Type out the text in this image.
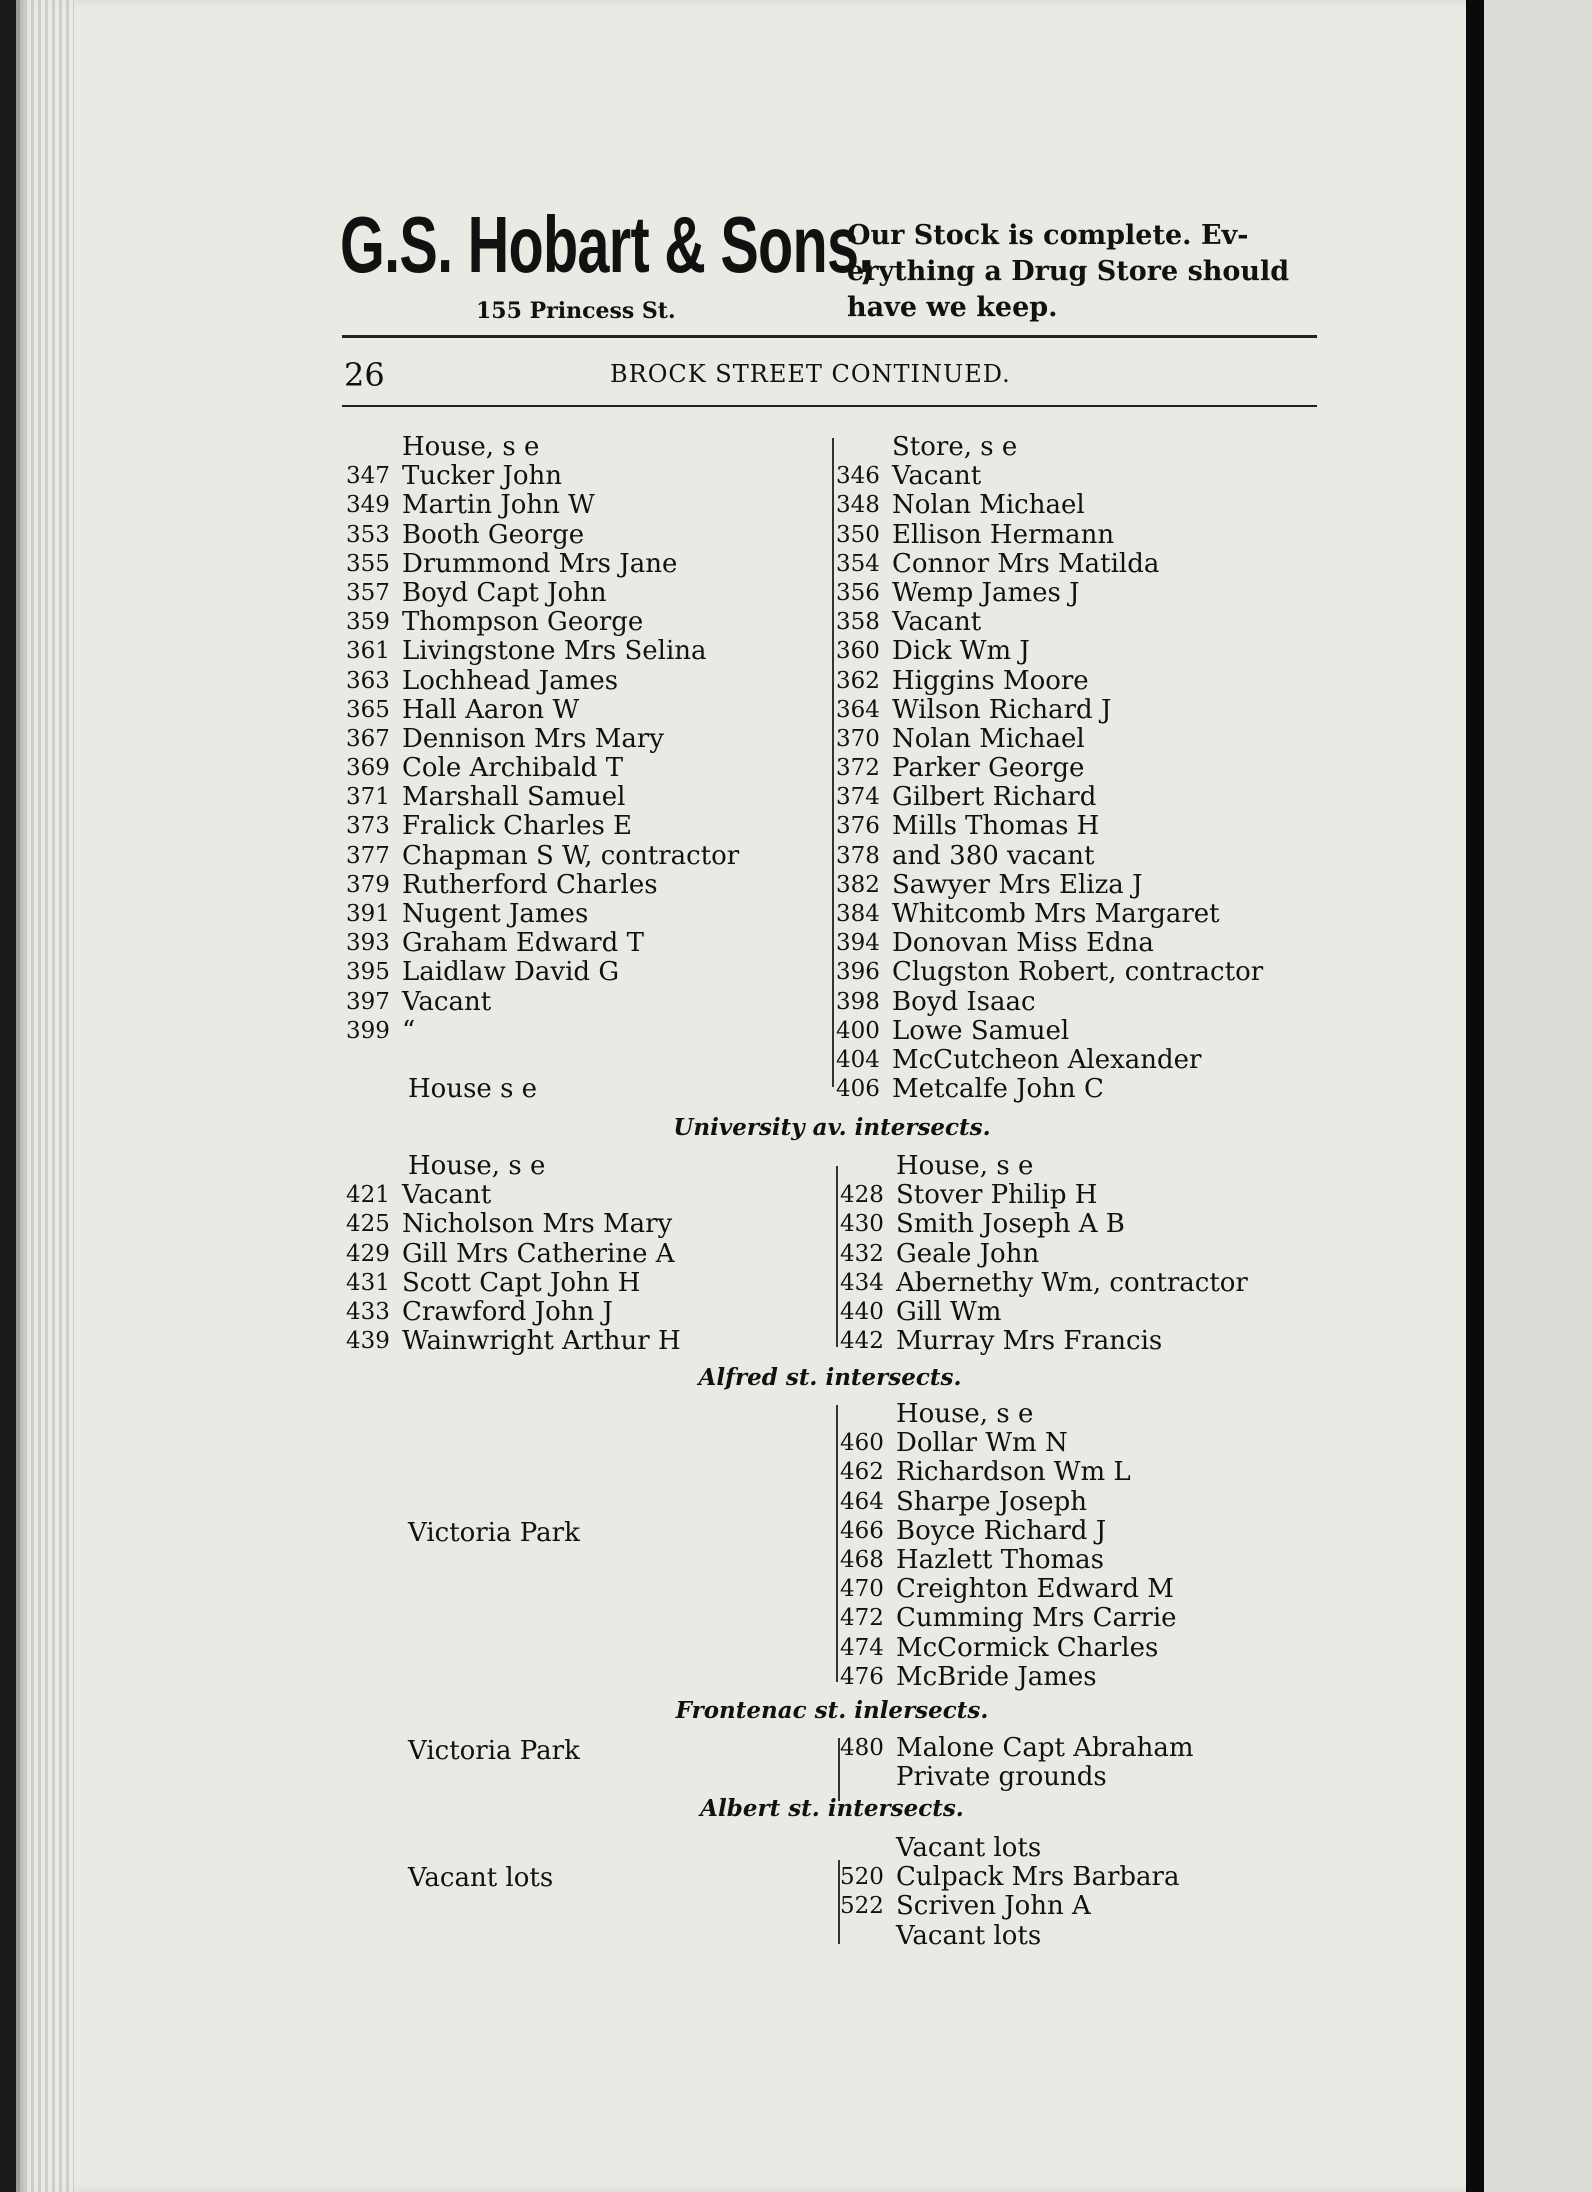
G.S. Hobart & Sons,
155 Princess St.
Our Stock is complete. Ev-
erything a Drug Store should
have we keep.
26	BROCK STREET CONTINUED.
House, s e
347 Tucker John
349 Martin John W
353 Booth George
355 Drummond Mrs Jane
357 Boyd Capt John
359 Thompson George
361 Livingstone Mrs Selina
363 Lochhead James
365 Hall Aaron W
367 Dennison Mrs Mary
369 Cole Archibald T
371 Marshall Samuel
373 Fralick Charles E
377 Chapman S W, contractor
379 Rutherford Charles
391 Nugent James
393 Graham Edward T
395 Laidlaw David G
397 Vacant
399 “
House s e
Store, s e
346 Vacant
348 Nolan Michael
350 Ellison Hermann
354 Connor Mrs Matilda
356 Wemp James J
358 Vacant
360 Dick Wm J
362 Higgins Moore
364 Wilson Richard J
370 Nolan Michael
372 Parker George
374 Gilbert Richard
376 Mills Thomas H
378 and 380 vacant
382 Sawyer Mrs Eliza J
384 Whitcomb Mrs Margaret
394 Donovan Miss Edna
396 Clugston Robert, contractor
398 Boyd Isaac
400 Lowe Samuel
404 McCutcheon Alexander
406 Metcalfe John C
University av. intersects.
House, s e
421 Vacant
425 Nicholson Mrs Mary
429 Gill Mrs Catherine A
431 Scott Capt John H
433 Crawford John J
439 Wainwright Arthur H
House, s e
428 Stover Philip H
430 Smith Joseph A B
432 Geale John
434 Abernethy Wm, contractor
440 Gill Wm
442 Murray Mrs Francis
Alfred st. intersects.
Victoria Park
House, s e
460 Dollar Wm N
462 Richardson Wm L
464 Sharpe Joseph
466 Boyce Richard J
468 Hazlett Thomas
470 Creighton Edward M
472 Cumming Mrs Carrie
474 McCormick Charles
476 McBride James
Frontenac st. inlersects.
Victoria Park	480 Malone Capt Abraham
Private grounds
Albert st. intersects.
Vacant lots
Vacant lots
520 Culpack Mrs Barbara
522 Scriven John A
Vacant lots
